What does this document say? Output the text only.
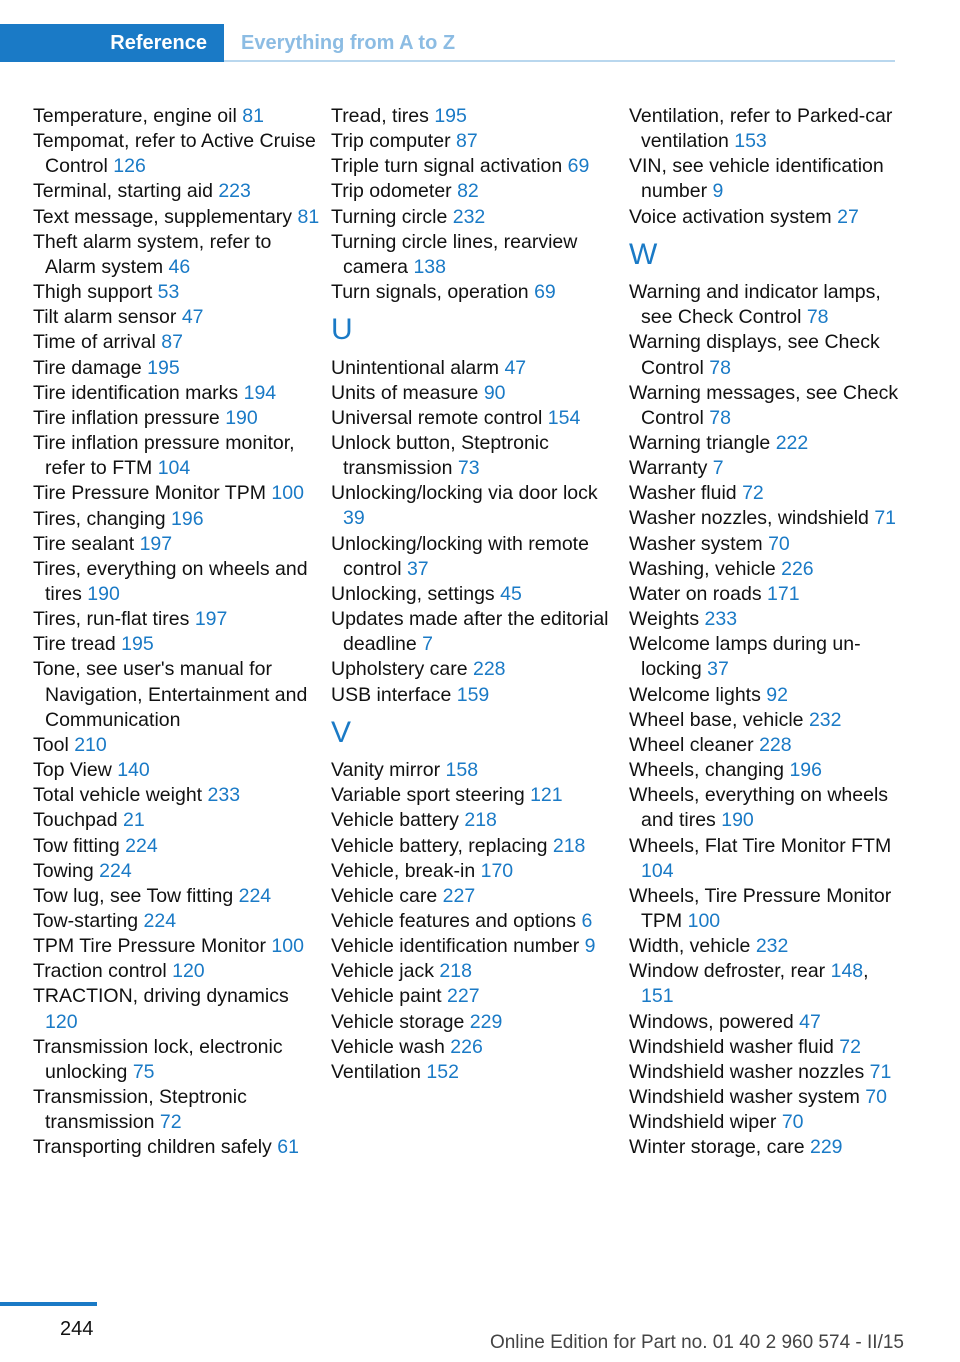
Reference	Everything from A to Z
Temperature, engine oil 81
Tempomat, refer to Active Cruise Control 126
Terminal, starting aid 223
Text message, supplementary 81
Theft alarm system, refer to Alarm system 46
Thigh support 53
Tilt alarm sensor 47
Time of arrival 87
Tire damage 195
Tire identification marks 194
Tire inflation pressure 190
Tire inflation pressure monitor, refer to FTM 104
Tire Pressure Monitor TPM 100
Tires, changing 196
Tire sealant 197
Tires, everything on wheels and tires 190
Tires, run-flat tires 197
Tire tread 195
Tone, see user's manual for Navigation, Entertainment and Communication
Tool 210
Top View 140
Total vehicle weight 233
Touchpad 21
Tow fitting 224
Towing 224
Tow lug, see Tow fitting 224
Tow-starting 224
TPM Tire Pressure Monitor 100
Traction control 120
TRACTION, driving dynamics 120
Transmission lock, electronic unlocking 75
Transmission, Steptronic transmission 72
Transporting children safely 61
Tread, tires 195
Trip computer 87
Triple turn signal activation 69
Trip odometer 82
Turning circle 232
Turning circle lines, rearview camera 138
Turn signals, operation 69
U
Unintentional alarm 47
Units of measure 90
Universal remote control 154
Unlock button, Steptronic transmission 73
Unlocking/locking via door lock 39
Unlocking/locking with remote control 37
Unlocking, settings 45
Updates made after the editorial deadline 7
Upholstery care 228
USB interface 159
V
Vanity mirror 158
Variable sport steering 121
Vehicle battery 218
Vehicle battery, replacing 218
Vehicle, break-in 170
Vehicle care 227
Vehicle features and options 6
Vehicle identification number 9
Vehicle jack 218
Vehicle paint 227
Vehicle storage 229
Vehicle wash 226
Ventilation 152
Ventilation, refer to Parked-car ventilation 153
VIN, see vehicle identification number 9
Voice activation system 27
W
Warning and indicator lamps, see Check Control 78
Warning displays, see Check Control 78
Warning messages, see Check Control 78
Warning triangle 222
Warranty 7
Washer fluid 72
Washer nozzles, windshield 71
Washer system 70
Washing, vehicle 226
Water on roads 171
Weights 233
Welcome lamps during unlocking 37
Welcome lights 92
Wheel base, vehicle 232
Wheel cleaner 228
Wheels, changing 196
Wheels, everything on wheels and tires 190
Wheels, Flat Tire Monitor FTM 104
Wheels, Tire Pressure Monitor TPM 100
Width, vehicle 232
Window defroster, rear 148, 151
Windows, powered 47
Windshield washer fluid 72
Windshield washer nozzles 71
Windshield washer system 70
Windshield wiper 70
Winter storage, care 229
244
Online Edition for Part no. 01 40 2 960 574 - II/15
